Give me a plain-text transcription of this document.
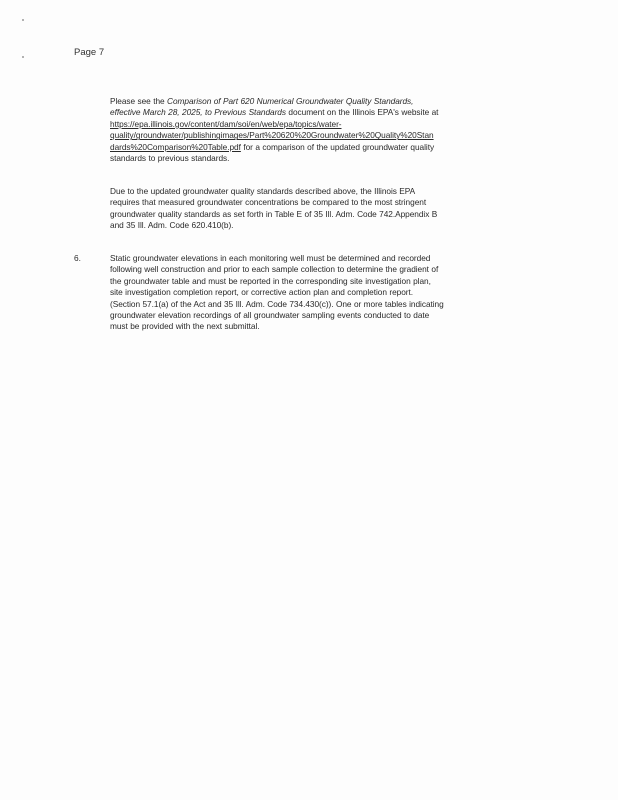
Page 7
Please see the Comparison of Part 620 Numerical Groundwater Quality Standards,
effective March 28, 2025, to Previous Standards document on the Illinois EPA's website at
https://epa.illinois.gov/content/dam/soi/en/web/epa/topics/water-
quality/groundwater/publishingimages/Part%20620%20Groundwater%20Quality%20Stan
dards%20Comparison%20Table.pdf for a comparison of the updated groundwater quality
standards to previous standards.
Due to the updated groundwater quality standards described above, the Illinois EPA
requires that measured groundwater concentrations be compared to the most stringent
groundwater quality standards as set forth in Table E of 35 Ill. Adm. Code 742.Appendix B
and 35 Ill. Adm. Code 620.410(b).
6.	Static groundwater elevations in each monitoring well must be determined and recorded
following well construction and prior to each sample collection to determine the gradient of
the groundwater table and must be reported in the corresponding site investigation plan,
site investigation completion report, or corrective action plan and completion report.
(Section 57.1(a) of the Act and 35 Ill. Adm. Code 734.430(c)). One or more tables indicating
groundwater elevation recordings of all groundwater sampling events conducted to date
must be provided with the next submittal.
